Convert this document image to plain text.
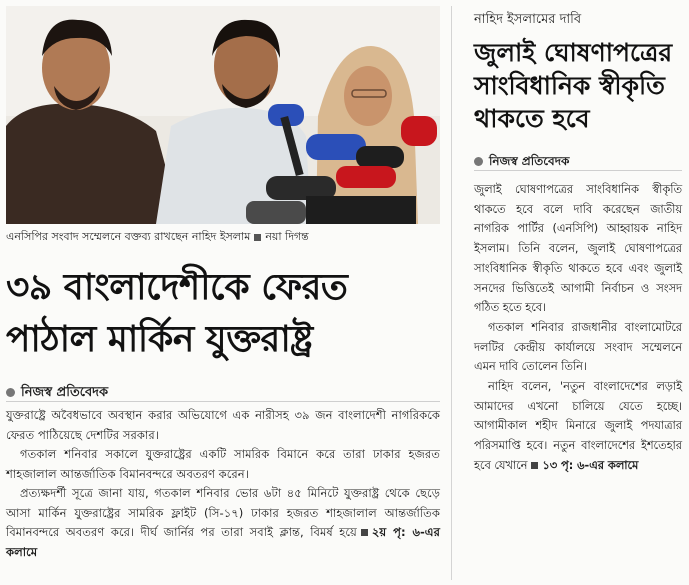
এনসিপির সংবাদ সম্মেলনে বক্তব্য রাখছেন নাহিদ ইসলাম নয়া দিগন্ত
৩৯ বাংলাদেশীকে ফেরত
পাঠাল মার্কিন যুক্তরাষ্ট্র
নিজস্ব প্রতিবেদক

যুক্তরাষ্ট্রে অবৈধভাবে অবস্থান করার অভিযোগে এক নারীসহ ৩৯ জন বাংলাদেশী নাগরিককে ফেরত পাঠিয়েছে দেশটির সরকার।

গতকাল শনিবার সকালে যুক্তরাষ্ট্রের একটি সামরিক বিমানে করে তারা ঢাকার হজরত শাহজালাল আন্তর্জাতিক বিমানবন্দরে অবতরণ করেন।

প্রত্যক্ষদর্শী সূত্রে জানা যায়, গতকাল শনিবার ভোর ৬টা ৪৫ মিনিটে যুক্তরাষ্ট্র থেকে ছেড়ে আসা মার্কিন যুক্তরাষ্ট্রের সামরিক ফ্লাইট (সি-১৭) ঢাকার হজরত শাহজালাল আন্তর্জাতিক বিমানবন্দরে অবতরণ করে। দীর্ঘ জার্নির পর তারা সবাই ক্লান্ত, বিমর্ষ হয়ে ২য় পৃ: ৬-এর কলামে

নাহিদ ইসলামের দাবি
জুলাই ঘোষণাপত্রের সাংবিধানিক স্বীকৃতি থাকতে হবে
নিজস্ব প্রতিবেদক

জুলাই ঘোষণাপত্রের সাংবিধানিক স্বীকৃতি থাকতে হবে বলে দাবি করেছেন জাতীয় নাগরিক পার্টির (এনসিপি) আহ্বায়ক নাহিদ ইসলাম। তিনি বলেন, জুলাই ঘোষণাপত্রের সাংবিধানিক স্বীকৃতি থাকতে হবে এবং জুলাই সনদের ভিত্তিতেই আগামী নির্বাচন ও সংসদ গঠিত হতে হবে।

গতকাল শনিবার রাজধানীর বাংলামোটরে দলটির কেন্দ্রীয় কার্যালয়ে সংবাদ সম্মেলনে এমন দাবি তোলেন তিনি।

নাহিদ বলেন, 'নতুন বাংলাদেশের লড়াই আমাদের এখনো চালিয়ে যেতে হচ্ছে। আগামীকাল শহীদ মিনারে জুলাই পদযাত্রার পরিসমাপ্তি হবে। নতুন বাংলাদেশের ইশতেহার হবে যেখানে ১৩ পৃ: ৬-এর কলামে
